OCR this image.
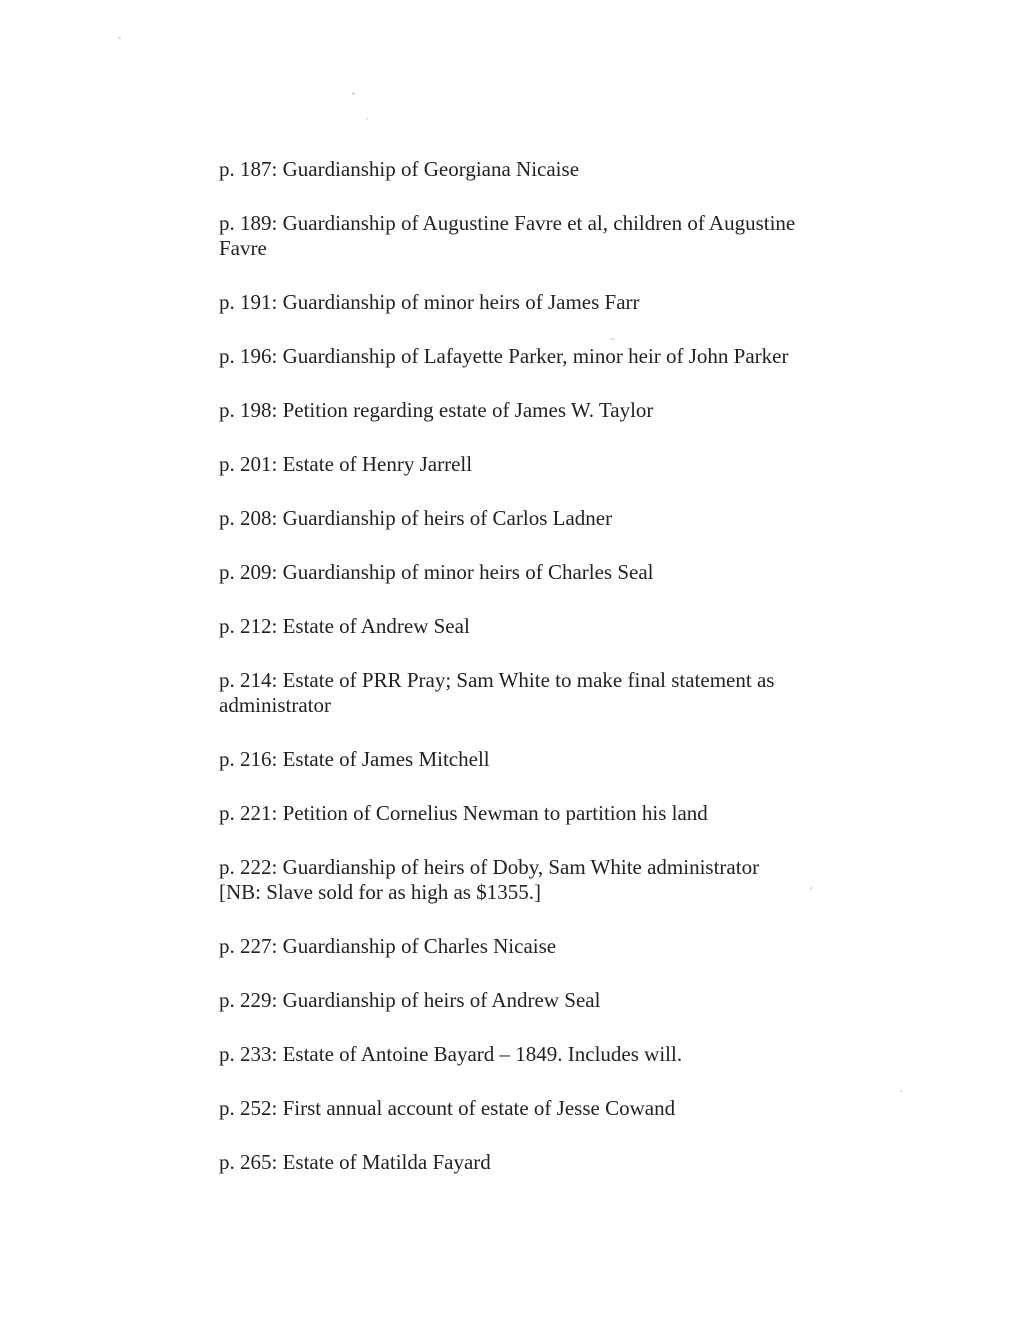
p. 187: Guardianship of Georgiana Nicaise
p. 189: Guardianship of Augustine Favre et al, children of Augustine
Favre
p. 191: Guardianship of minor heirs of James Farr
p. 196: Guardianship of Lafayette Parker, minor heir of John Parker
p. 198: Petition regarding estate of James W. Taylor
p. 201: Estate of Henry Jarrell
p. 208: Guardianship of heirs of Carlos Ladner
p. 209: Guardianship of minor heirs of Charles Seal
p. 212: Estate of Andrew Seal
p. 214: Estate of PRR Pray; Sam White to make final statement as
administrator
p. 216: Estate of James Mitchell
p. 221: Petition of Cornelius Newman to partition his land
p. 222: Guardianship of heirs of Doby, Sam White administrator
[NB: Slave sold for as high as $1355.]
p. 227: Guardianship of Charles Nicaise
p. 229: Guardianship of heirs of Andrew Seal
p. 233: Estate of Antoine Bayard – 1849. Includes will.
p. 252: First annual account of estate of Jesse Cowand
p. 265: Estate of Matilda Fayard
